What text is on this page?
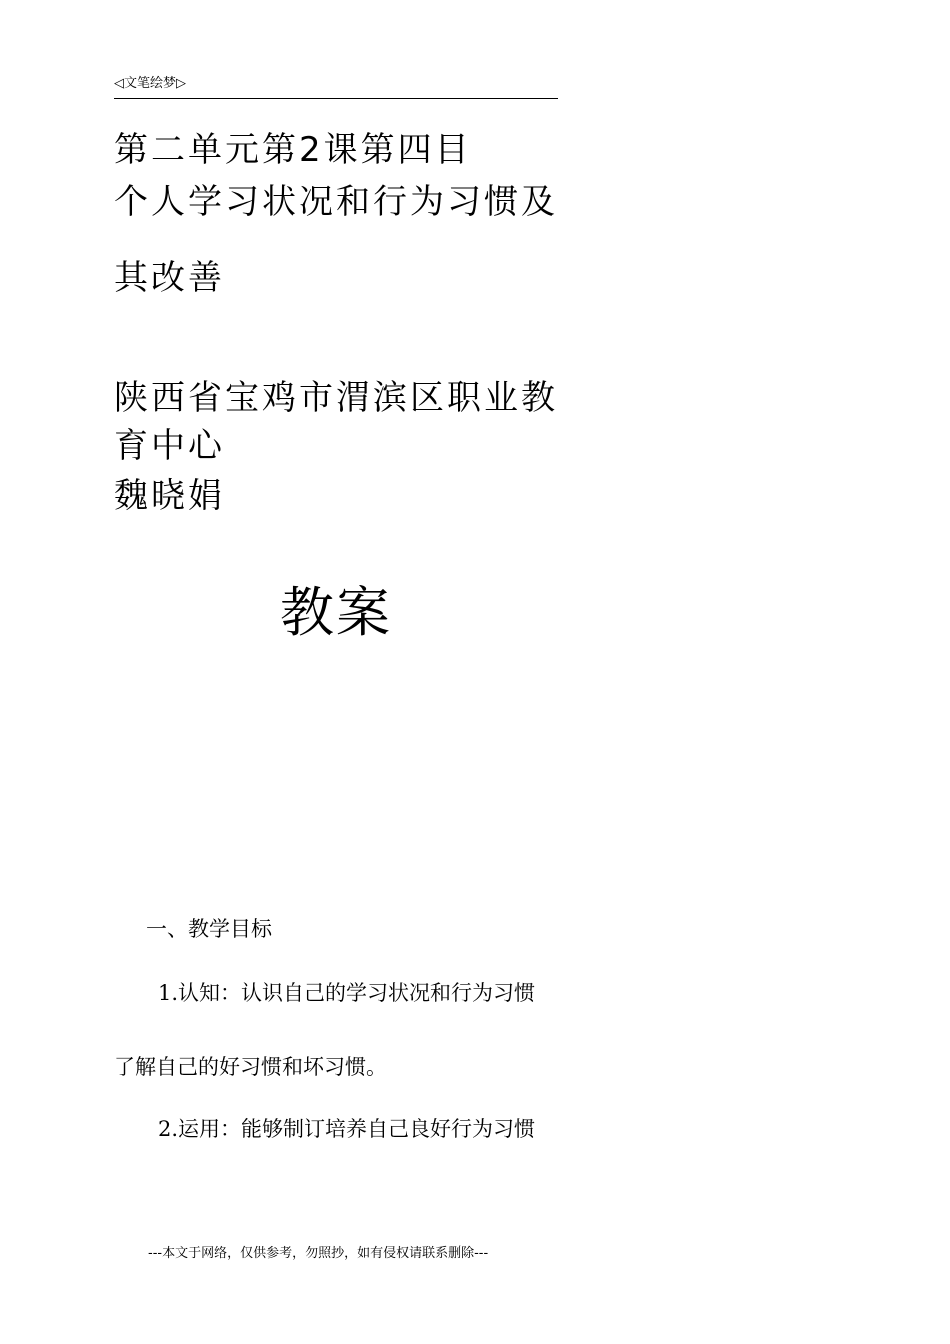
◁文笔绘梦▷
第二单元第2课第四目
个人学习状况和行为习惯及
其改善
陕西省宝鸡市渭滨区职业教
育中心
魏晓娟
教案
一、教学目标
1.认知：认识自己的学习状况和行为习惯
了解自己的好习惯和坏习惯。
2.运用：能够制订培养自己良好行为习惯
---本文于网络，仅供参考，勿照抄，如有侵权请联系删除---
